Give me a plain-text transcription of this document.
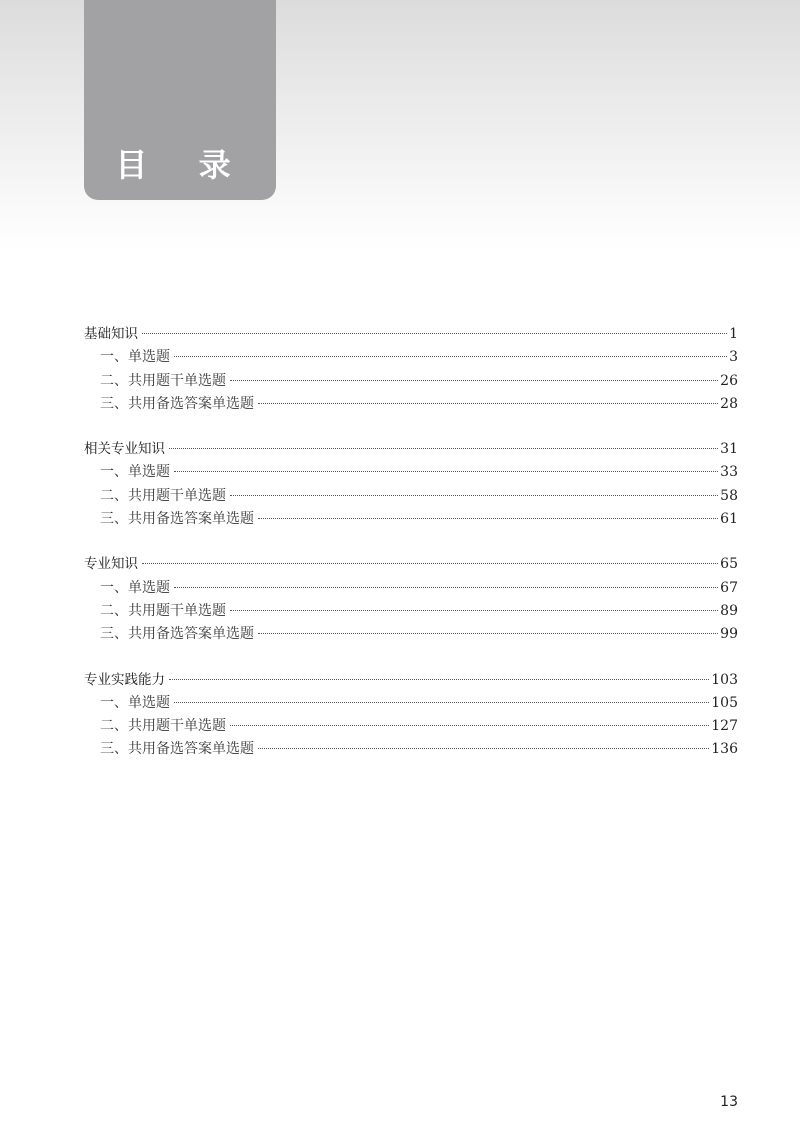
目 录
基础知识	1
一、单选题	3
二、共用题干单选题	26
三、共用备选答案单选题	28
相关专业知识	31
一、单选题	33
二、共用题干单选题	58
三、共用备选答案单选题	61
专业知识	65
一、单选题	67
二、共用题干单选题	89
三、共用备选答案单选题	99
专业实践能力	103
一、单选题	105
二、共用题干单选题	127
三、共用备选答案单选题	136
13
